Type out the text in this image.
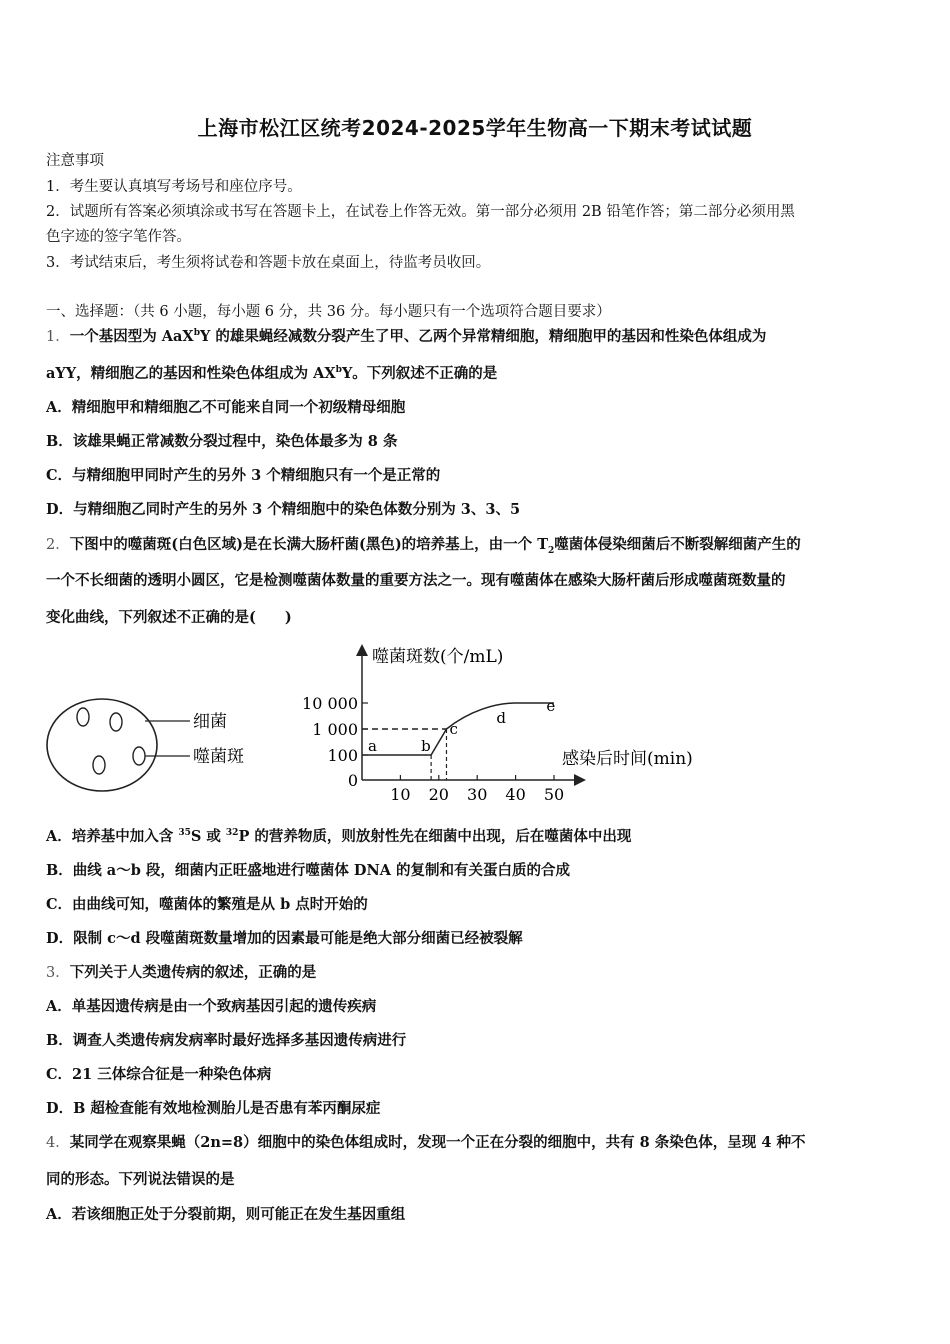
上海市松江区统考2024-2025学年生物高一下期末考试试题
注意事项
1．考生要认真填写考场号和座位序号。
2．试题所有答案必须填涂或书写在答题卡上，在试卷上作答无效。第一部分必须用 2B 铅笔作答；第二部分必须用黑
色字迹的签字笔作答。
3．考试结束后，考生须将试卷和答题卡放在桌面上，待监考员收回。
一、选择题：（共 6 小题，每小题 6 分，共 36 分。每小题只有一个选项符合题目要求）
1．一个基因型为 AaX$^b$Y 的雄果蝇经减数分裂产生了甲、乙两个异常精细胞，精细胞甲的基因和性染色体组成为
aYY，精细胞乙的基因和性染色体组成为 $AX^bY$。下列叙述不正确的是
A．精细胞甲和精细胞乙不可能来自同一个初级精母细胞
B．该雄果蝇正常减数分裂过程中，染色体最多为 8 条
C．与精细胞甲同时产生的另外 3 个精细胞只有一个是正常的
D．与精细胞乙同时产生的另外 3 个精细胞中的染色体数分别为 3、3、5
2．下图中的噬菌斑(白色区域)是在长满大肠杆菌(黑色)的培养基上，由一个 $T_2$噬菌体侵染细菌后不断裂解细菌产生的
一个不长细菌的透明小圆区，它是检测噬菌体数量的重要方法之一。现有噬菌体在感染大肠杆菌后形成噬菌斑数量的
变化曲线，下列叙述不正确的是(　　)
细菌
噬菌斑
10 20 30 40 50
0
100
1 000
10 000
a	b
c
d
e
噬菌斑数(个/mL)
感染后时间(min)
A．培养基中加入含 $^{35}$S 或 $^{32}$P 的营养物质，则放射性先在细菌中出现，后在噬菌体中出现
B．曲线 a～b 段，细菌内正旺盛地进行噬菌体 DNA 的复制和有关蛋白质的合成
C．由曲线可知，噬菌体的繁殖是从 b 点时开始的
D．限制 c～d 段噬菌斑数量增加的因素最可能是绝大部分细菌已经被裂解
3．下列关于人类遗传病的叙述，正确的是
A．单基因遗传病是由一个致病基因引起的遗传疾病
B．调查人类遗传病发病率时最好选择多基因遗传病进行
C．21 三体综合征是一种染色体病
D．B 超检查能有效地检测胎儿是否患有苯丙酮尿症
4．某同学在观察果蝇（2n=8）细胞中的染色体组成时，发现一个正在分裂的细胞中，共有 8 条染色体，呈现 4 种不
同的形态。下列说法错误的是
A．若该细胞正处于分裂前期，则可能正在发生基因重组
